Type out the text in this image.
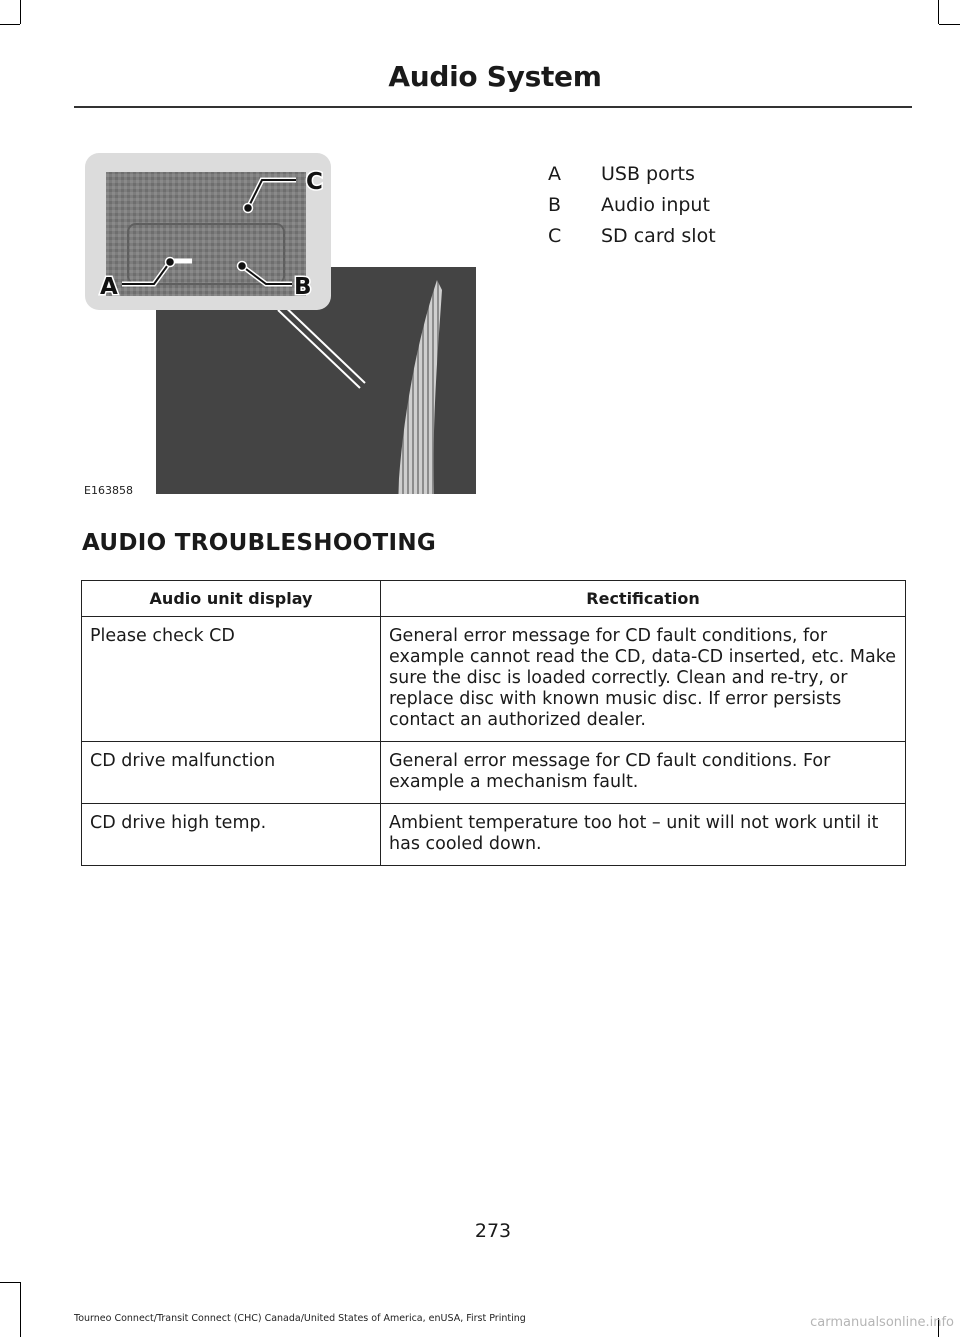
Audio System
C
A	B
E163858
A	USB ports
B	Audio input
C	SD card slot
AUDIO TROUBLESHOOTING
Audio unit display	Rectification
Please check CD	General error message for CD fault conditions, for example cannot read the CD, data-CD inserted, etc. Make sure the disc is loaded correctly. Clean and re-try, or replace disc with known music disc. If error persists contact an authorized dealer.
CD drive malfunction	General error message for CD fault conditions. For example a mechanism fault.
CD drive high temp.	Ambient temperature too hot – unit will not work until it has cooled down.
273
Tourneo Connect/Transit Connect (CHC) Canada/United States of America, enUSA, First Printing	carmanualsonline.info
